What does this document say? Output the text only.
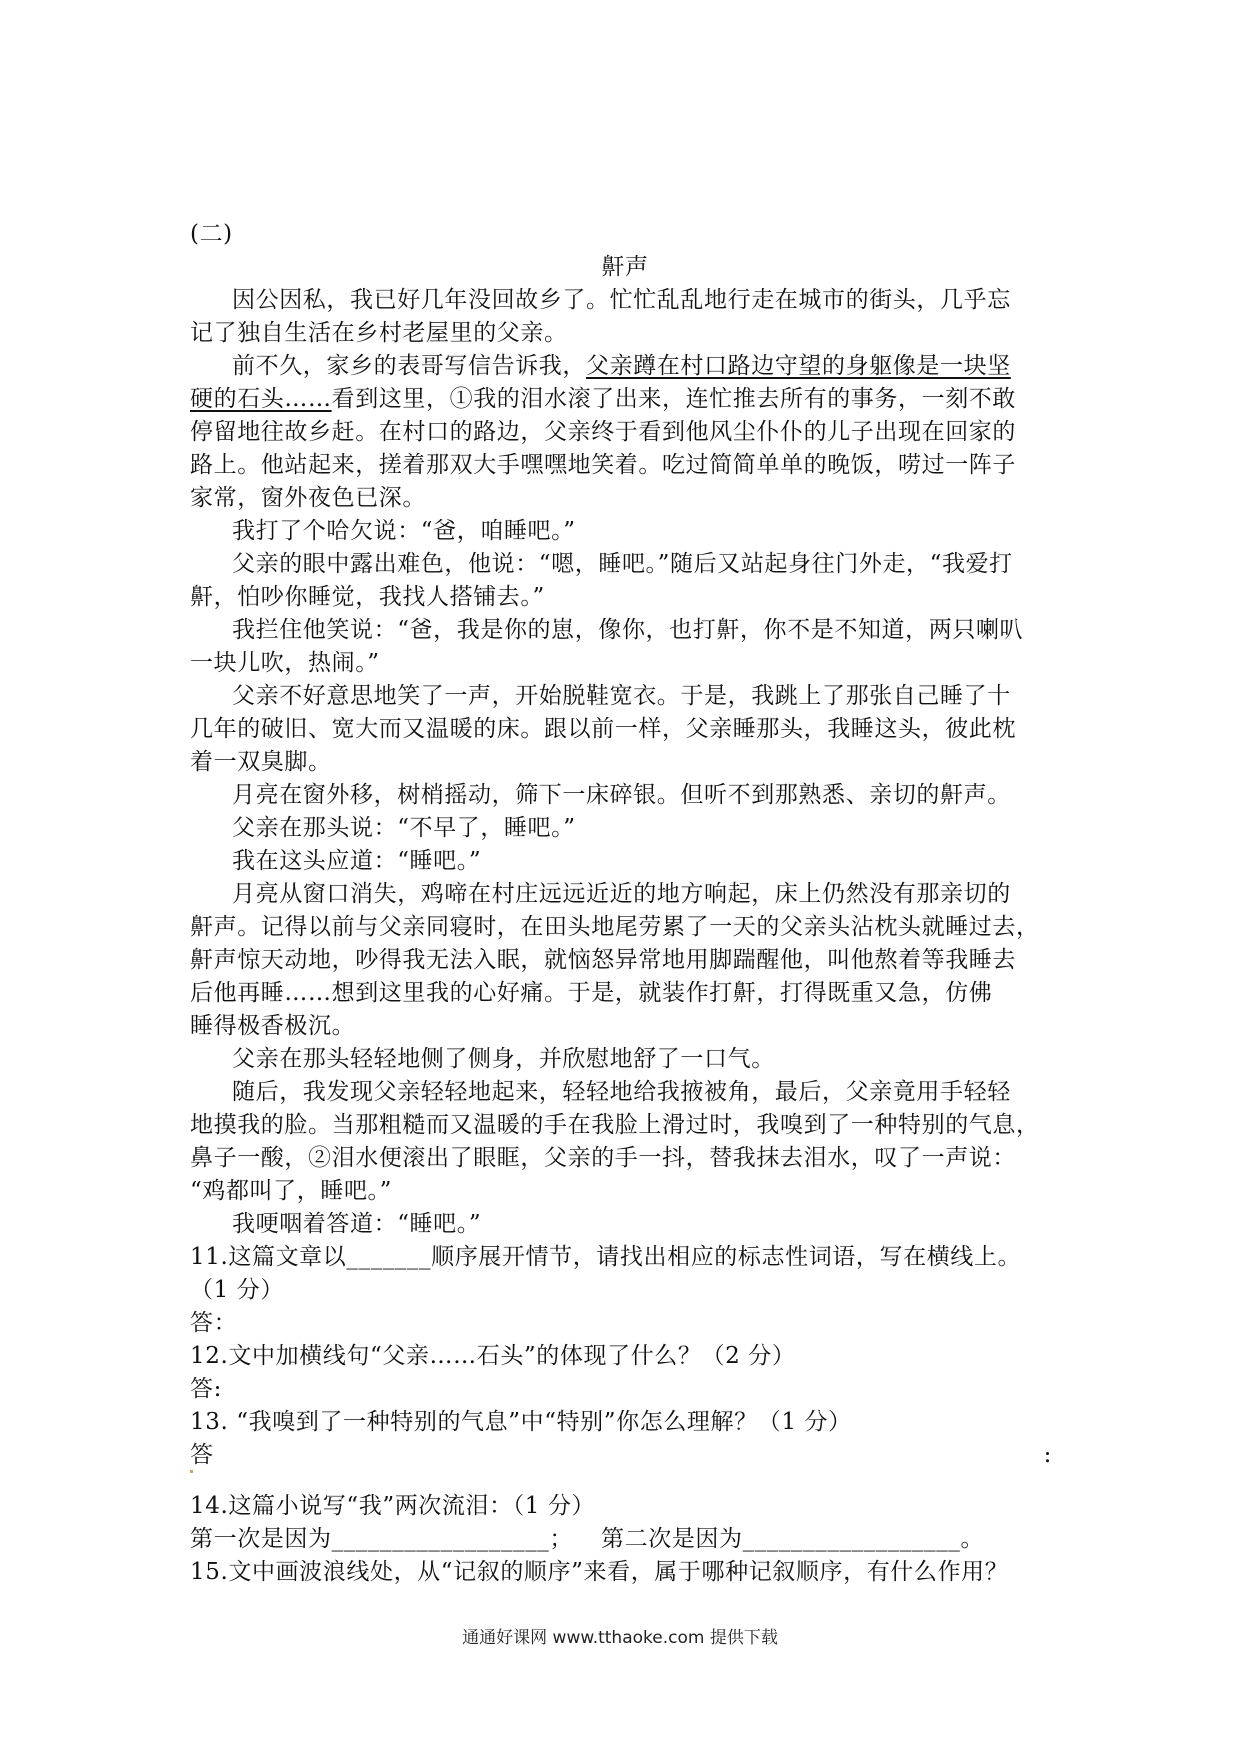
(二)
鼾声
因公因私，我已好几年没回故乡了。忙忙乱乱地行走在城市的街头，几乎忘
记了独自生活在乡村老屋里的父亲。
前不久，家乡的表哥写信告诉我，父亲蹲在村口路边守望的身躯像是一块坚
硬的石头……看到这里，①我的泪水滚了出来，连忙推去所有的事务，一刻不敢
停留地往故乡赶。在村口的路边，父亲终于看到他风尘仆仆的儿子出现在回家的
路上。他站起来，搓着那双大手嘿嘿地笑着。吃过简简单单的晚饭，唠过一阵子
家常，窗外夜色已深。
我打了个哈欠说：“爸，咱睡吧。”
父亲的眼中露出难色，他说：“嗯，睡吧。”随后又站起身往门外走，“我爱打
鼾，怕吵你睡觉，我找人搭铺去。”
我拦住他笑说：“爸，我是你的崽，像你，也打鼾，你不是不知道，两只喇叭
一块儿吹，热闹。”
父亲不好意思地笑了一声，开始脱鞋宽衣。于是，我跳上了那张自己睡了十
几年的破旧、宽大而又温暖的床。跟以前一样，父亲睡那头，我睡这头，彼此枕
着一双臭脚。
月亮在窗外移，树梢摇动，筛下一床碎银。但听不到那熟悉、亲切的鼾声。
父亲在那头说：“不早了，睡吧。”
我在这头应道：“睡吧。”
月亮从窗口消失，鸡啼在村庄远远近近的地方响起，床上仍然没有那亲切的
鼾声。记得以前与父亲同寝时，在田头地尾劳累了一天的父亲头沾枕头就睡过去，
鼾声惊天动地，吵得我无法入眠，就恼怒异常地用脚踹醒他，叫他熬着等我睡去
后他再睡……想到这里我的心好痛。于是，就装作打鼾，打得既重又急，仿佛
睡得极香极沉。
父亲在那头轻轻地侧了侧身，并欣慰地舒了一口气。
随后，我发现父亲轻轻地起来，轻轻地给我掖被角，最后，父亲竟用手轻轻
地摸我的脸。当那粗糙而又温暖的手在我脸上滑过时，我嗅到了一种特别的气息，
鼻子一酸，②泪水便滚出了眼眶，父亲的手一抖，替我抹去泪水，叹了一声说：
“鸡都叫了，睡吧。”
我哽咽着答道：“睡吧。”
11.这篇文章以_______顺序展开情节，请找出相应的标志性词语，写在横线上。
（1 分）
答：
12.文中加横线句“父亲……石头”的体现了什么？（2 分）
答:
13. “我嗅到了一种特别的气息”中“特别”你怎么理解？（1 分）
答	:
14.这篇小说写“我”两次流泪：（1 分）
第一次是因为__________________； 第二次是因为__________________。
15.文中画波浪线处，从“记叙的顺序”来看，属于哪种记叙顺序，有什么作用？
通通好课网 www.tthaoke.com 提供下载
